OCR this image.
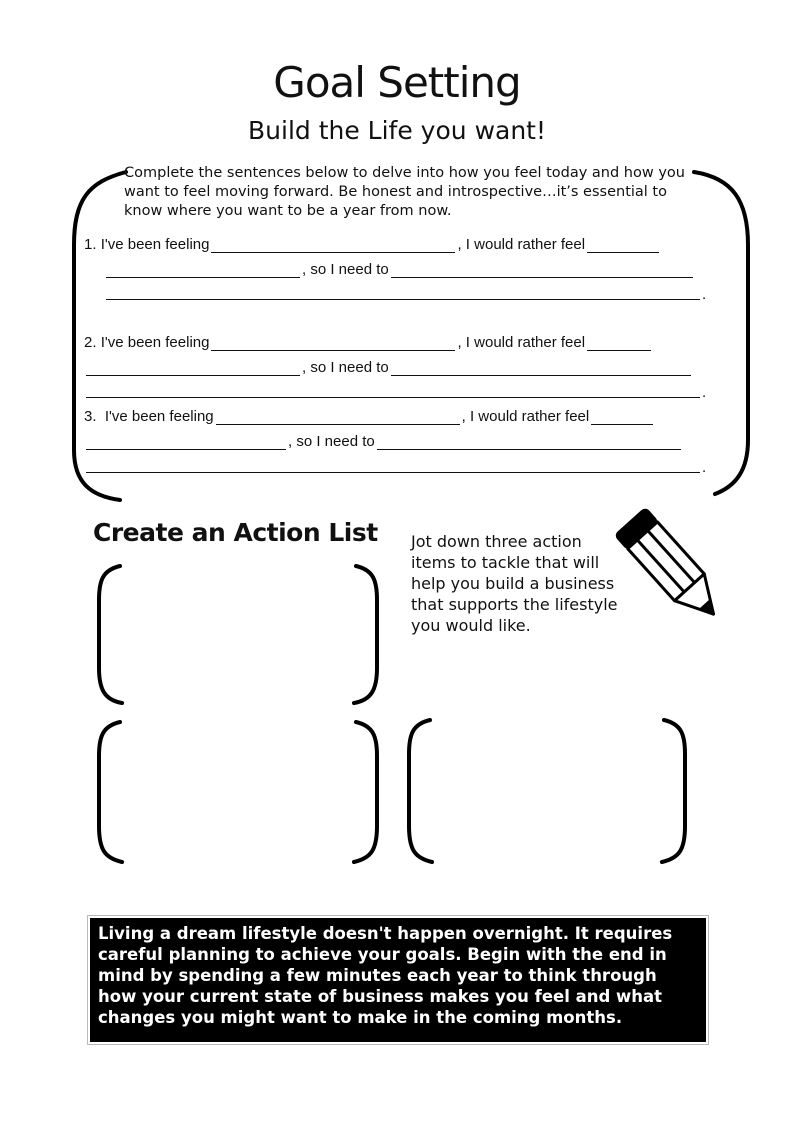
Goal Setting
Build the Life you want!
Complete the sentences below to delve into how you feel today and how you want to feel moving forward. Be honest and introspective…it’s essential to know where you want to be a year from now.
1.
I've been feeling	, I would rather feel
, so I need to
.
2.
I've been feeling	, I would rather feel
, so I need to
.
3.
I've been feeling	, I would rather feel
, so I need to
.
Create an Action List Jot down three action items to tackle that will help you build a business that supports the lifestyle you would like.

Living a dream lifestyle doesn't happen overnight. It requires careful planning to achieve your goals. Begin with the end in mind by spending a few minutes each year to think through how your current state of business makes you feel and what changes you might want to make in the coming months.
